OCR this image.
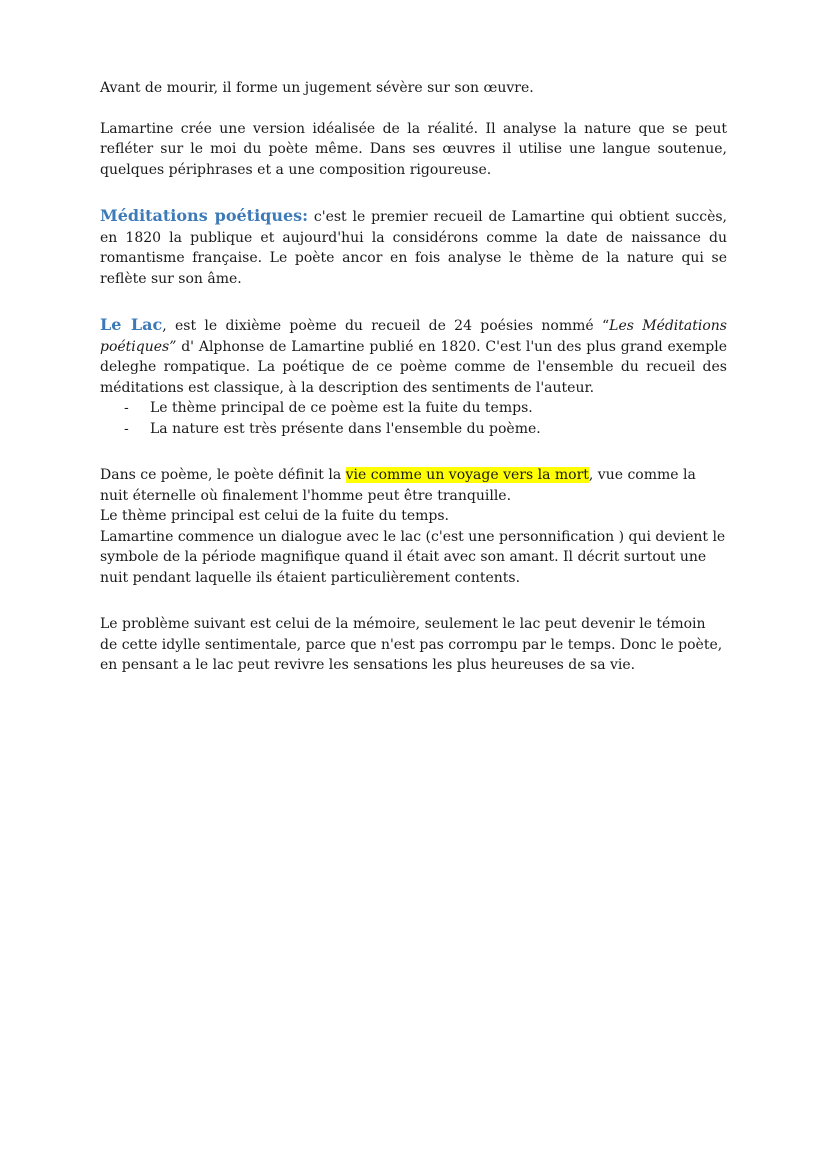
Avant de mourir, il forme un jugement sévère sur son œuvre.

Lamartine crée une version idéalisée de la réalité. Il analyse la nature que se peut refléter sur le moi du poète même. Dans ses œuvres il utilise une langue soutenue, quelques périphrases et a une composition rigoureuse.

Méditations poétiques: c'est le premier recueil de Lamartine qui obtient succès, en 1820 la publique et aujourd'hui la considérons comme la date de naissance du romantisme française. Le poète ancor en fois analyse le thème de la nature qui se reflète sur son âme.

Le Lac, est le dixième poème du recueil de 24 poésies nommé “Les Méditations poétiques” d' Alphonse de Lamartine publié en 1820. C'est l'un des plus grand exemple deleghe rompatique. La poétique de ce poème comme de l'ensemble du recueil des méditations est classique, à la description des sentiments de l'auteur.

- Le thème principal de ce poème est la fuite du temps.
- La nature est très présente dans l'ensemble du poème.

Dans ce poème, le poète définit la vie comme un voyage vers la mort, vue comme la nuit éternelle où finalement l'homme peut être tranquille.

Le thème principal est celui de la fuite du temps.

Lamartine commence un dialogue avec le lac (c'est une personnification ) qui devient le symbole de la période magnifique quand il était avec son amant. Il décrit surtout une nuit pendant laquelle ils étaient particulièrement contents.

Le problème suivant est celui de la mémoire, seulement le lac peut devenir le témoin de cette idylle sentimentale, parce que n'est pas corrompu par le temps. Donc le poète, en pensant a le lac peut revivre les sensations les plus heureuses de sa vie.
